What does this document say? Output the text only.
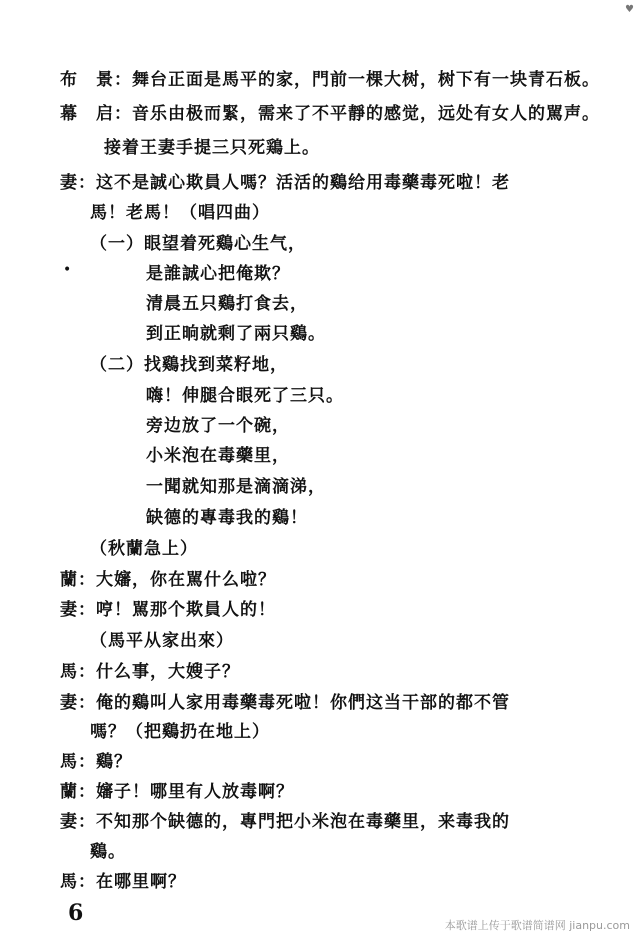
♥
布　景：舞台正面是馬平的家，門前一棵大树，树下有一块青石板。
幕　启：音乐由极而緊，需来了不平靜的感觉，远处有女人的駡声。
接着王妻手提三只死鶏上。
妻：这不是誠心欺員人嗎？活活的鷄给用毒藥毒死啦！老
馬！老馬！（唱四曲）
（一）眼望着死鷄心生气，
是誰誠心把俺欺？
清晨五只鷄打食去，
到正晌就剩了兩只鷄。
（二）找鷄找到菜籽地，
嗨！伸腿合眼死了三只。
旁边放了一个碗，
小米泡在毒藥里，
一聞就知那是滴滴涕，
缺德的專毒我的鷄！
（秋蘭急上）
蘭：大嬸，你在駡什么啦？
妻：哼！駡那个欺員人的！
（馬平从家出來）
馬：什么事，大嫂子？
妻：俺的鷄叫人家用毒藥毒死啦！你們这当干部的都不管
嗎？（把鷄扔在地上）
馬：鷄？
蘭：嬸子！哪里有人放毒啊？
妻：不知那个缺德的，專門把小米泡在毒藥里，来毒我的
鷄。
馬：在哪里啊？
•
6	本歌谱上传于歌谱简谱网 jianpu.com
